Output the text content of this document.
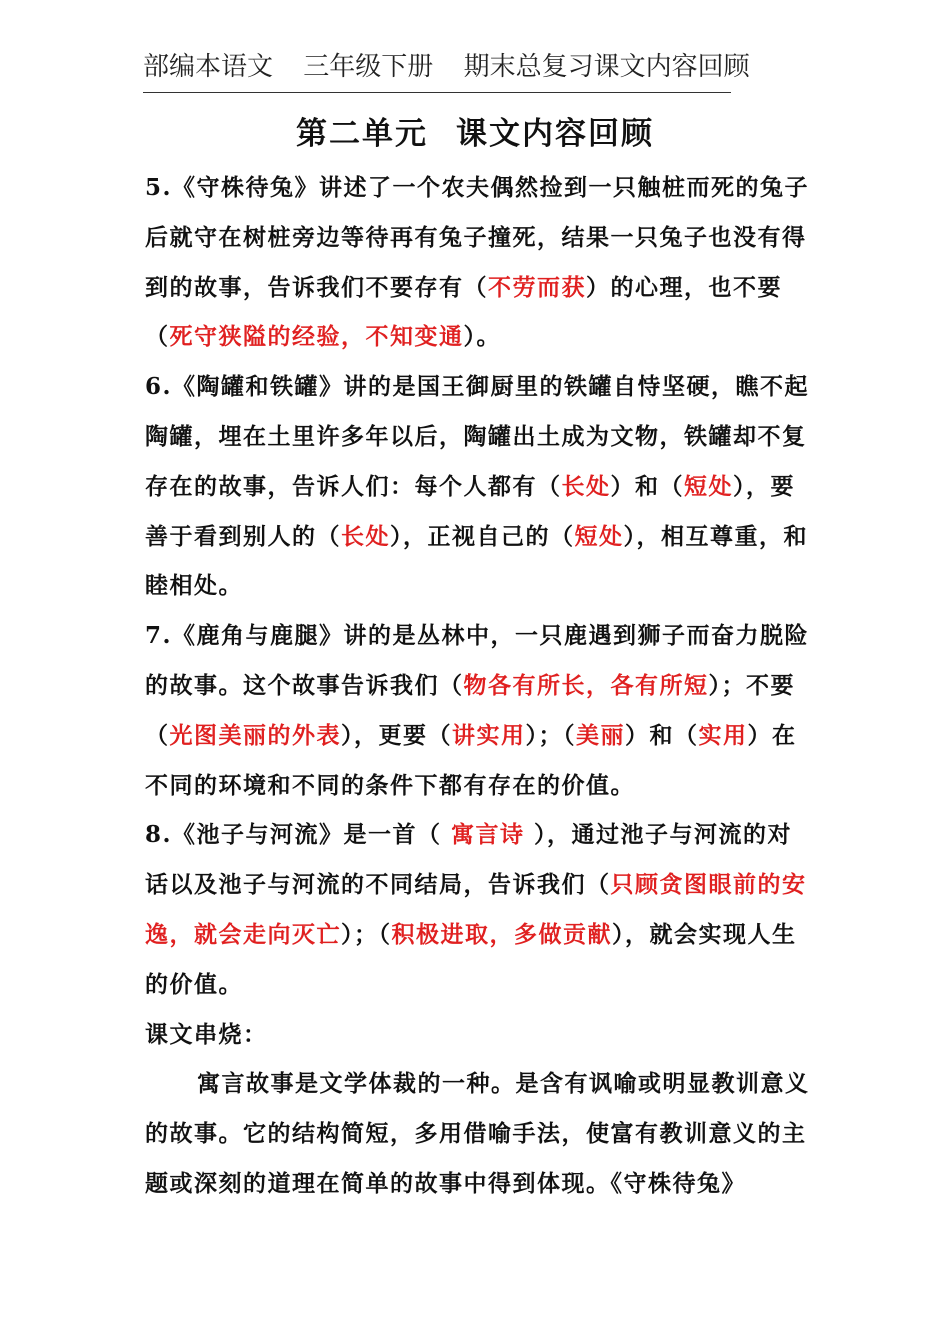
部编本语文 三年级下册 期末总复习课文内容回顾
第二单元 课文内容回顾

5.《守株待兔》讲述了一个农夫偶然捡到一只触桩而死的兔子后就守在树桩旁边等待再有兔子撞死，结果一只兔子也没有得到的故事，告诉我们不要存有（不劳而获）的心理，也不要（死守狭隘的经验，不知变通）。

6.《陶罐和铁罐》讲的是国王御厨里的铁罐自恃坚硬，瞧不起陶罐，埋在土里许多年以后，陶罐出土成为文物，铁罐却不复存在的故事，告诉人们：每个人都有（长处）和（短处），要善于看到别人的（长处），正视自己的（短处），相互尊重，和睦相处。

7.《鹿角与鹿腿》讲的是丛林中，一只鹿遇到狮子而奋力脱险的故事。这个故事告诉我们（物各有所长，各有所短）；不要（光图美丽的外表），更要（讲实用）；（美丽）和（实用）在不同的环境和不同的条件下都有存在的价值。

8.《池子与河流》是一首（ 寓言诗 ），通过池子与河流的对话以及池子与河流的不同结局，告诉我们（只顾贪图眼前的安逸，就会走向灭亡）；（积极进取，多做贡献），就会实现人生的价值。

课文串烧：

寓言故事是文学体裁的一种。是含有讽喻或明显教训意义的故事。它的结构简短，多用借喻手法，使富有教训意义的主题或深刻的道理在简单的故事中得到体现。《守株待兔》
